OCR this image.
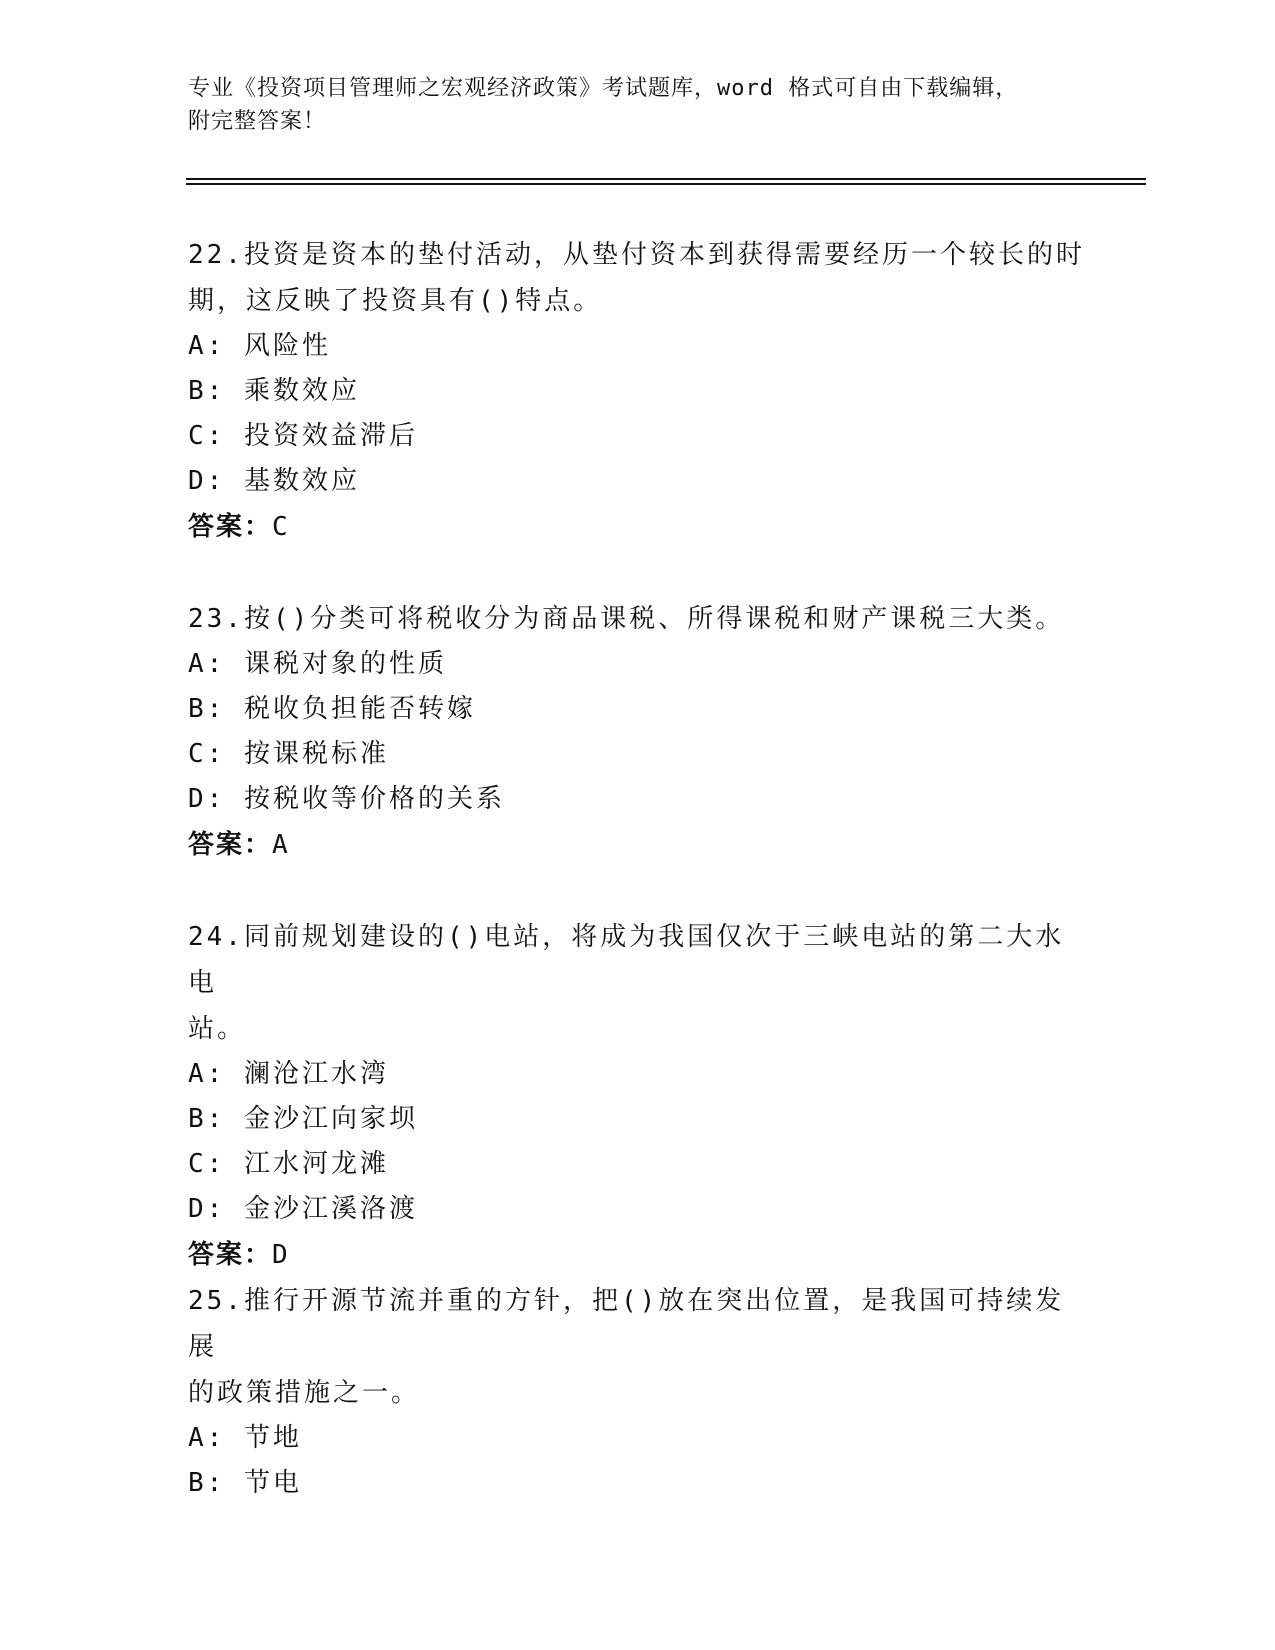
专业《投资项目管理师之宏观经济政策》考试题库，word 格式可自由下载编辑，
附完整答案！
22.投资是资本的垫付活动，从垫付资本到获得需要经历一个较长的时
期，这反映了投资具有()特点。
A: 风险性
B: 乘数效应
C: 投资效益滞后
D: 基数效应
答案：C
23.按()分类可将税收分为商品课税、所得课税和财产课税三大类。
A: 课税对象的性质
B: 税收负担能否转嫁
C: 按课税标准
D: 按税收等价格的关系
答案：A
24.同前规划建设的()电站，将成为我国仅次于三峡电站的第二大水电
站。
A: 澜沧江水湾
B: 金沙江向家坝
C: 江水河龙滩
D: 金沙江溪洛渡
答案：D
25.推行开源节流并重的方针，把()放在突出位置，是我国可持续发展
的政策措施之一。
A: 节地
B: 节电
